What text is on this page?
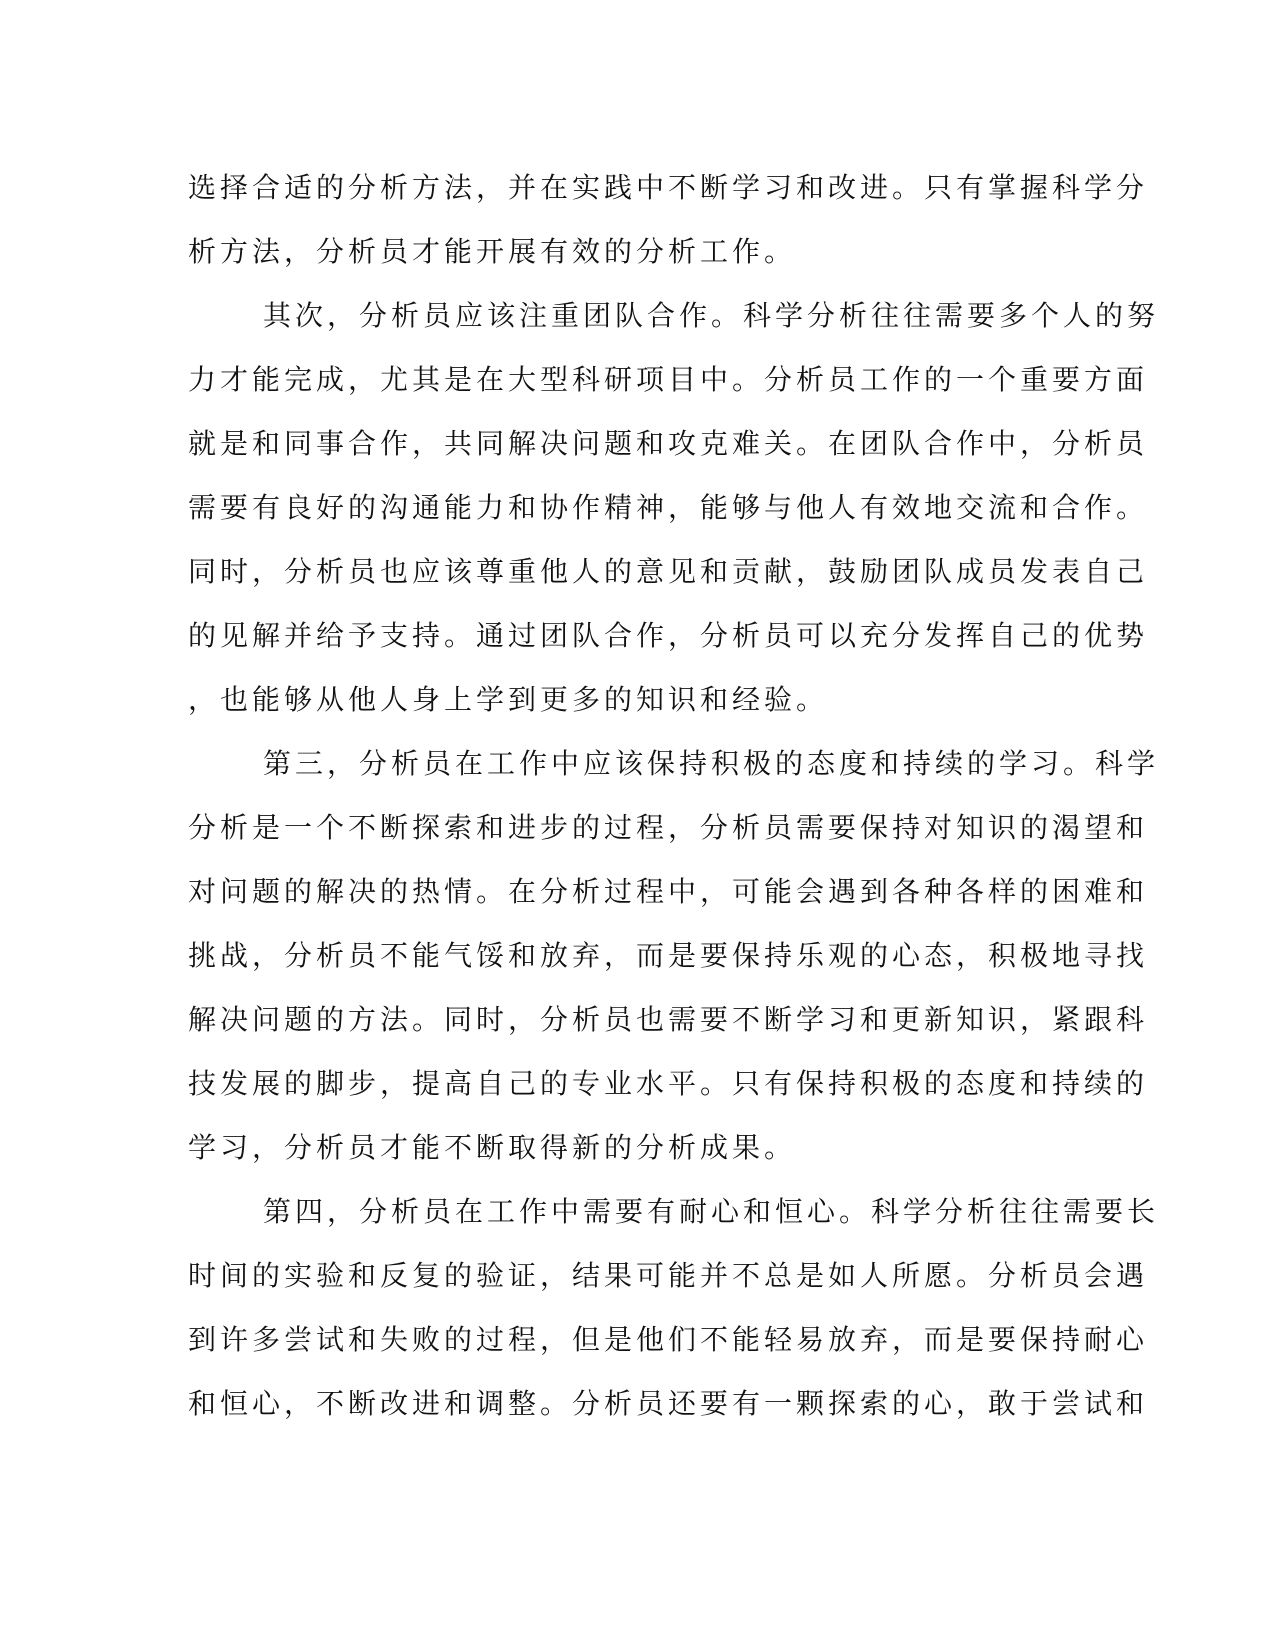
选择合适的分析方法，并在实践中不断学习和改进。只有掌握科学分
析方法，分析员才能开展有效的分析工作。
其次，分析员应该注重团队合作。科学分析往往需要多个人的努
力才能完成，尤其是在大型科研项目中。分析员工作的一个重要方面
就是和同事合作，共同解决问题和攻克难关。在团队合作中，分析员
需要有良好的沟通能力和协作精神，能够与他人有效地交流和合作。
同时，分析员也应该尊重他人的意见和贡献，鼓励团队成员发表自己
的见解并给予支持。通过团队合作，分析员可以充分发挥自己的优势
，也能够从他人身上学到更多的知识和经验。
第三，分析员在工作中应该保持积极的态度和持续的学习。科学
分析是一个不断探索和进步的过程，分析员需要保持对知识的渴望和
对问题的解决的热情。在分析过程中，可能会遇到各种各样的困难和
挑战，分析员不能气馁和放弃，而是要保持乐观的心态，积极地寻找
解决问题的方法。同时，分析员也需要不断学习和更新知识，紧跟科
技发展的脚步，提高自己的专业水平。只有保持积极的态度和持续的
学习，分析员才能不断取得新的分析成果。
第四，分析员在工作中需要有耐心和恒心。科学分析往往需要长
时间的实验和反复的验证，结果可能并不总是如人所愿。分析员会遇
到许多尝试和失败的过程，但是他们不能轻易放弃，而是要保持耐心
和恒心，不断改进和调整。分析员还要有一颗探索的心，敢于尝试和
